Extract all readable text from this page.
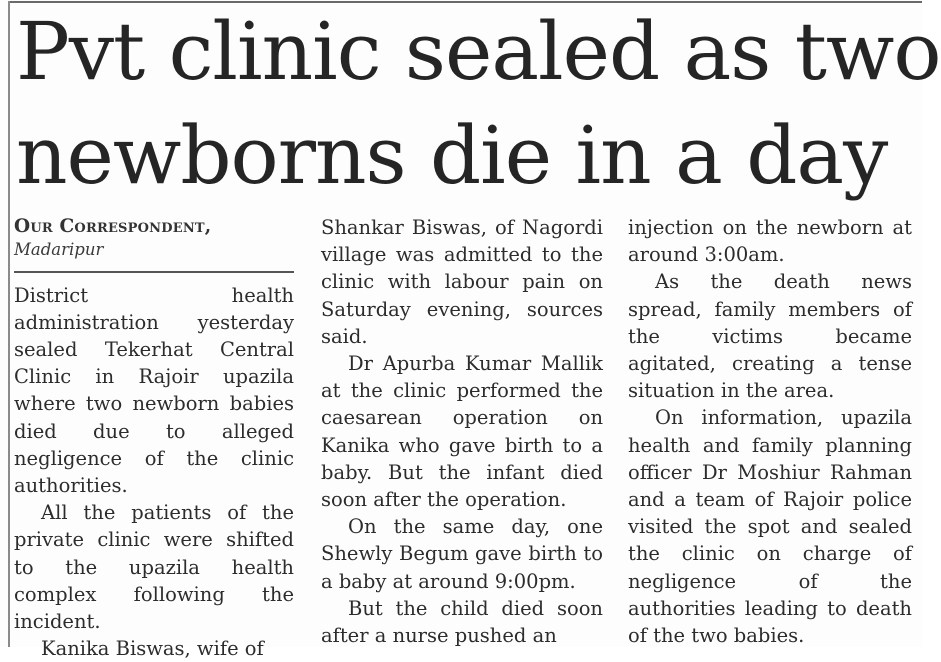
Pvt clinic sealed as two
newborns die in a day
Our Correspondent,
Madaripur

District health administration yesterday sealed Tekerhat Central Clinic in Rajoir upazila where two newborn babies died due to alleged negligence of the clinic authorities.

All the patients of the private clinic were shifted to the upazila health complex following the incident.

Kanika Biswas, wife of

Shankar Biswas, of Nagordi village was admitted to the clinic with labour pain on Saturday evening, sources said.

Dr Apurba Kumar Mallik at the clinic performed the caesarean operation on Kanika who gave birth to a baby. But the infant died soon after the operation.

On the same day, one Shewly Begum gave birth to a baby at around 9:00pm.

But the child died soon after a nurse pushed an

injection on the newborn at around 3:00am.

As the death news spread, family members of the victims became agitated, creating a tense situation in the area.

On information, upazila health and family planning officer Dr Moshiur Rahman and a team of Rajoir police visited the spot and sealed the clinic on charge of negligence of the authorities leading to death of the two babies.
